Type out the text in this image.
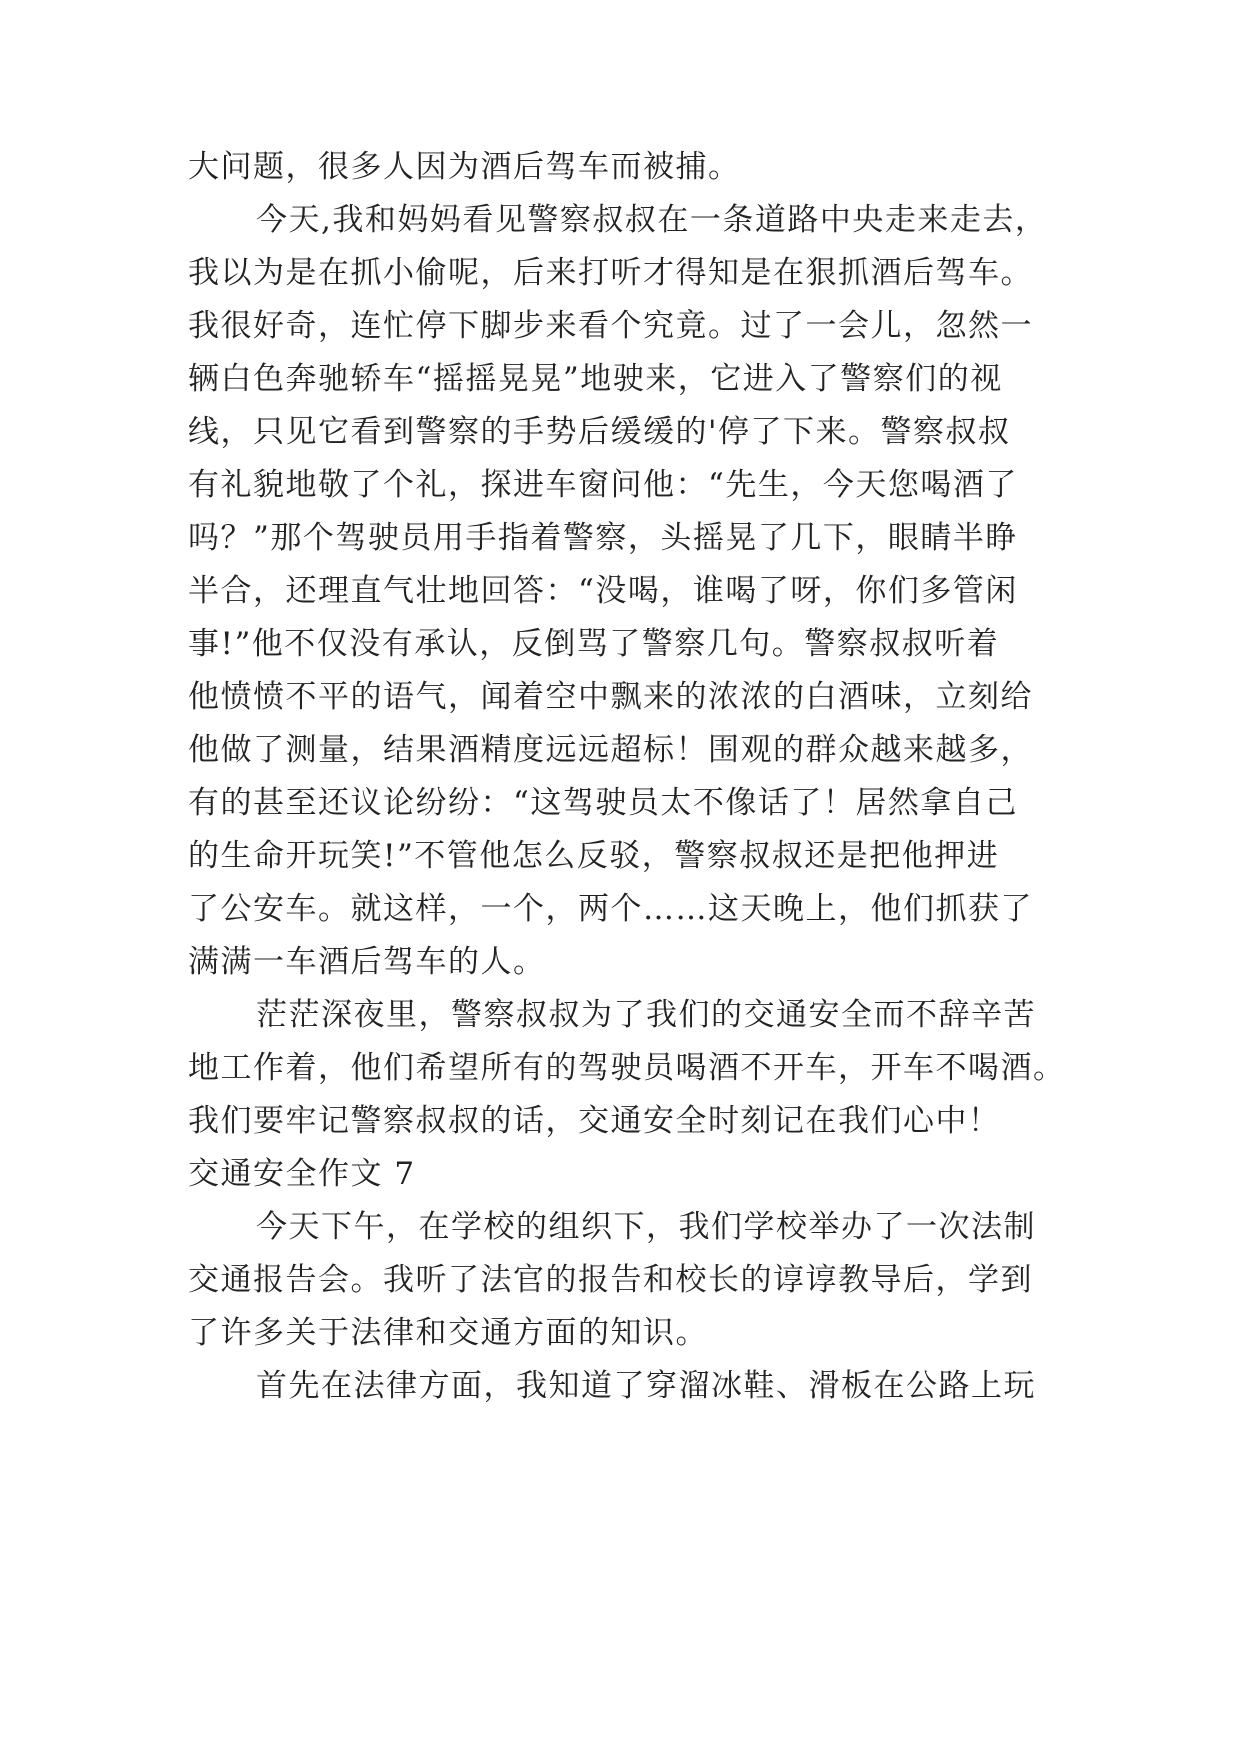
大问题，很多人因为酒后驾车而被捕。
今天,我和妈妈看见警察叔叔在一条道路中央走来走去，
我以为是在抓小偷呢，后来打听才得知是在狠抓酒后驾车。
我很好奇，连忙停下脚步来看个究竟。过了一会儿，忽然一
辆白色奔驰轿车“摇摇晃晃”地驶来，它进入了警察们的视
线，只见它看到警察的手势后缓缓的'停了下来。警察叔叔
有礼貌地敬了个礼，探进车窗问他：“先生，今天您喝酒了
吗？”那个驾驶员用手指着警察，头摇晃了几下，眼睛半睁
半合，还理直气壮地回答：“没喝，谁喝了呀，你们多管闲
事!”他不仅没有承认，反倒骂了警察几句。警察叔叔听着
他愤愤不平的语气，闻着空中飘来的浓浓的白酒味，立刻给
他做了测量，结果酒精度远远超标！围观的群众越来越多，
有的甚至还议论纷纷：“这驾驶员太不像话了！居然拿自己
的生命开玩笑!”不管他怎么反驳，警察叔叔还是把他押进
了公安车。就这样，一个，两个……这天晚上，他们抓获了
满满一车酒后驾车的人。
茫茫深夜里，警察叔叔为了我们的交通安全而不辞辛苦
地工作着，他们希望所有的驾驶员喝酒不开车，开车不喝酒。
我们要牢记警察叔叔的话，交通安全时刻记在我们心中！
交通安全作文 7
今天下午，在学校的组织下，我们学校举办了一次法制
交通报告会。我听了法官的报告和校长的谆谆教导后，学到
了许多关于法律和交通方面的知识。
首先在法律方面，我知道了穿溜冰鞋、滑板在公路上玩
